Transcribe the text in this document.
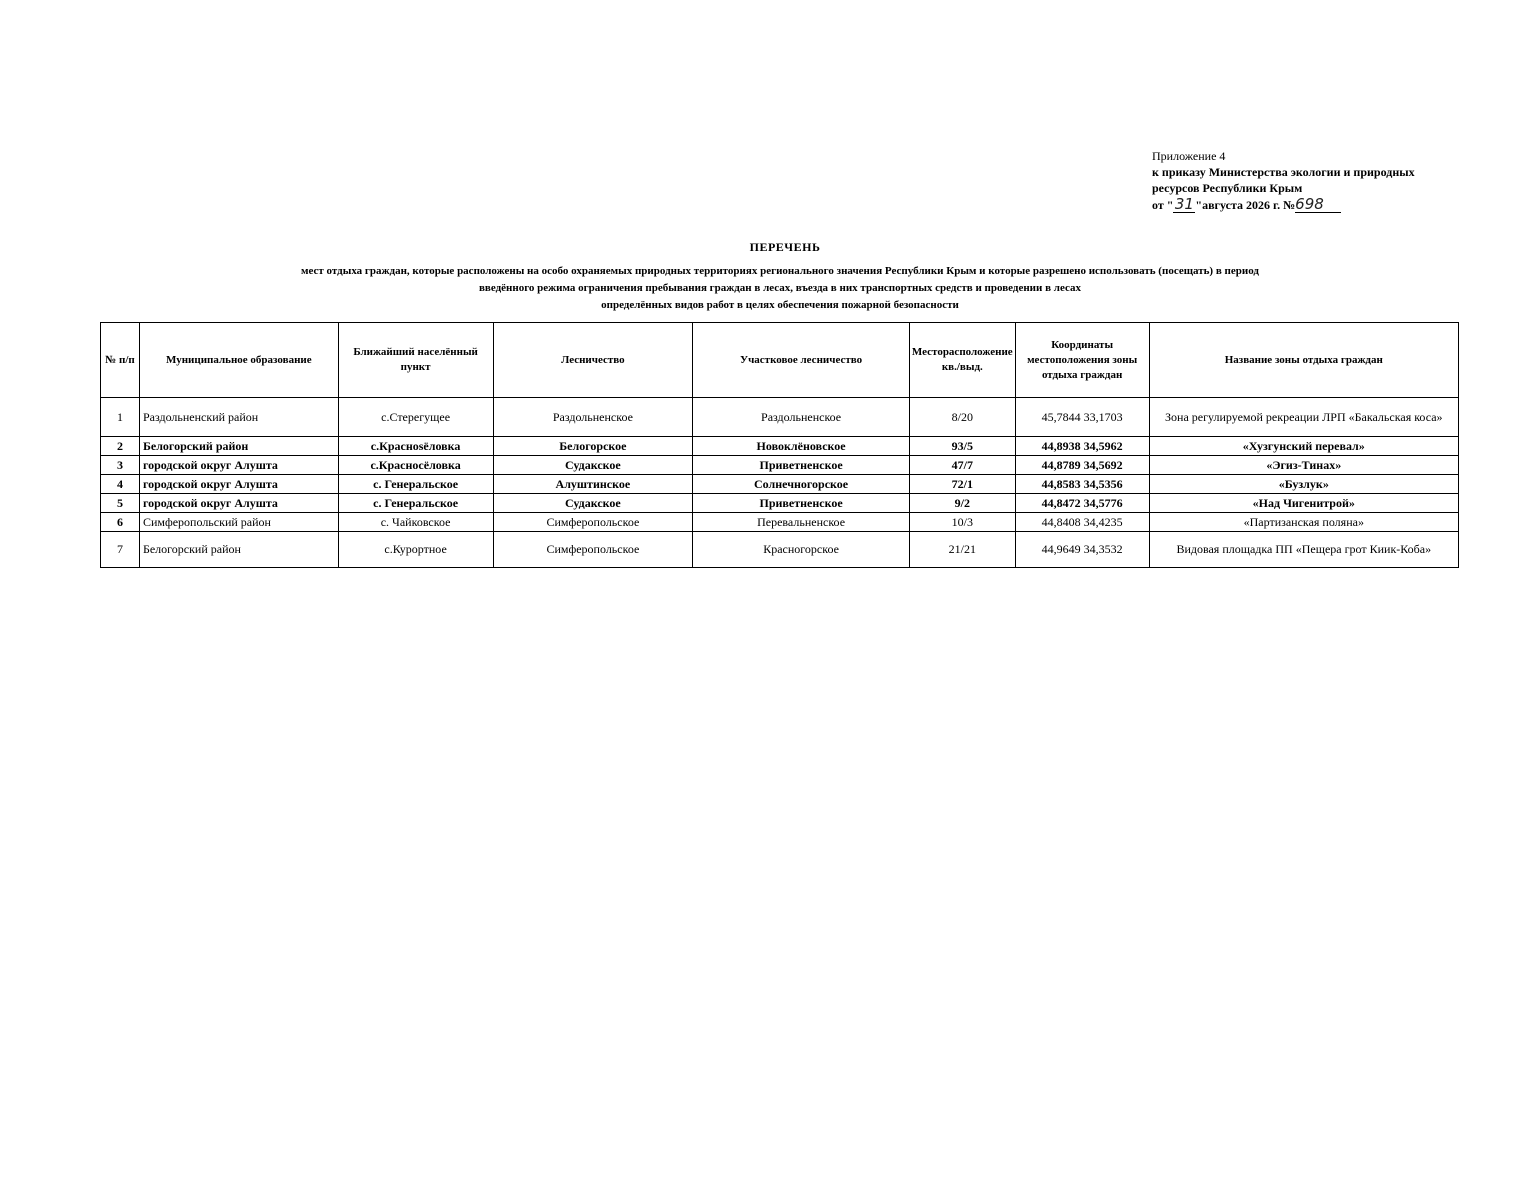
Приложение 4
к приказу Министерства экологии и природных
ресурсов Республики Крым
от "31"августа 2026 г. №698
ПЕРЕЧЕНЬ
мест отдыха граждан, которые расположены на особо охраняемых природных территориях регионального значения Республики Крым и которые разрешено использовать (посещать) в период
введённого режима ограничения пребывания граждан в лесах, въезда в них транспортных средств и проведении в лесах
определённых видов работ в целях обеспечения пожарной безопасности
№ п/п	Муниципальное образование	Ближайший населённый пункт	Лесничество	Участковое лесничество	Месторасположение кв./выд.	Координаты местоположения зоны отдыха граждан	Название зоны отдыха граждан
1	Раздольненский район	с.Стерегущее	Раздольненское	Раздольненское	8/20	45,7844 33,1703	Зона регулируемой рекреации ЛРП «Бакальская коса»
2	Белогорский район	с.Краснosёловка	Белогорское	Новоклёновское	93/5	44,8938 34,5962	«Хузгунский перевал»
3	городской округ Алушта	с.Красносёловка	Судакское	Приветненское	47/7	44,8789 34,5692	«Эгиз-Тинах»
4	городской округ Алушта	с. Генеральское	Алуштинское	Солнечногорское	72/1	44,8583 34,5356	«Бузлук»
5	городской округ Алушта	с. Генеральское	Судакское	Приветненское	9/2	44,8472 34,5776	«Над Чигенитрой»
6	Симферопольский район	с. Чайковское	Симферопольское	Перевальненское	10/3	44,8408 34,4235	«Партизанская поляна»
7	Белогорский район	с.Курортное	Симферопольское	Красногорское	21/21	44,9649 34,3532	Видовая площадка ПП «Пещера грот Киик-Коба»
